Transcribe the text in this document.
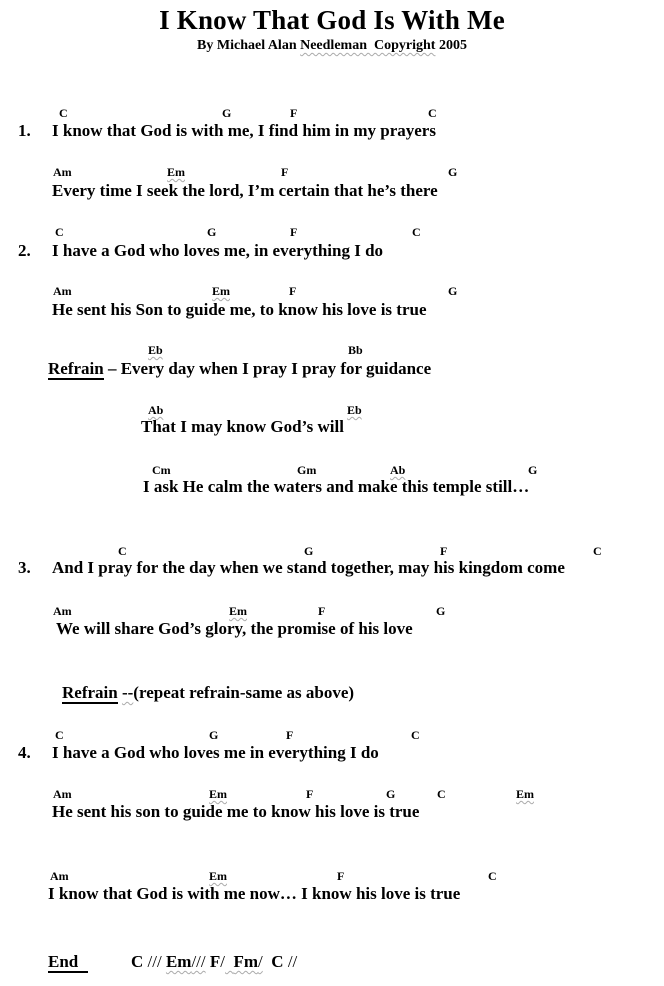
I Know That God Is With Me
By Michael Alan Needleman  Copyright 2005
C	G	F	C
1. I know that God is with me, I find him in my prayers
Am	Em	F	G
Every time I seek the lord, I’m certain that he’s there
C	G	F	C
2. I have a God who loves me, in everything I do
Am	Em	F	G
He sent his Son to guide me, to know his love is true
Eb	Bb
Refrain – Every day when I pray I pray for guidance
Ab	Eb
That I may know God’s will
Cm	Gm	Ab	G
I ask He calm the waters and make this temple still…
C	G	F	C
3. And I pray for the day when we stand together, may his kingdom come
Am	Em	F	G
We will share God’s glory, the promise of his love
Refrain --(repeat refrain-same as above)
C	G	F	C
4. I have a God who loves me in everything I do
Am	Em	F	G	C	Em
He sent his son to guide me to know his love is true
Am	Em	F	C
I know that God is with me now… I know his love is true
End	C /// Em/// F/ Fm/  C //
